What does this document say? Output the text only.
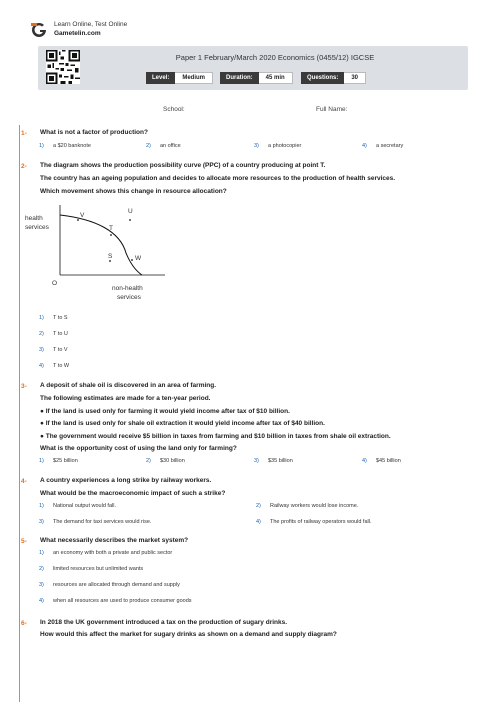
Learn Online, Test Online
Gametelin.com
Paper 1 February/March 2020 Economics (0455/12) IGCSE
Level:	Medium	Duration:	45 min	Questions:	30
School:	Full Name:
1- What is not a factor of production?
1) a $20 banknote	2) an office	3) a photocopier	4) a secretary
2- The diagram shows the production possibility curve (PPC) of a country producing at point T.
The country has an ageing population and decides to allocate more resources to the production of health services.
Which movement shows this change in resource allocation?
health
services
O
non-health
services
V
U
T
S	W
1) T to S
2) T to U
3) T to V
4) T to W
3- A deposit of shale oil is discovered in an area of farming.
The following estimates are made for a ten-year period.
● If the land is used only for farming it would yield income after tax of $10 billion.
● If the land is used only for shale oil extraction it would yield income after tax of $40 billion.
● The government would receive $5 billion in taxes from farming and $10 billion in taxes from shale oil extraction.
What is the opportunity cost of using the land only for farming?
1) $25 billion	2) $30 billion	3) $35 billion	4) $45 billion
4- A country experiences a long strike by railway workers.
What would be the macroeconomic impact of such a strike?
1) National output would fall.	2) Railway workers would lose income.
3) The demand for taxi services would rise.	4) The profits of railway operators would fall.
5- What necessarily describes the market system?
1) an economy with both a private and public sector
2) limited resources but unlimited wants
3) resources are allocated through demand and supply
4) when all resources are used to produce consumer goods
6- In 2018 the UK government introduced a tax on the production of sugary drinks.
How would this affect the market for sugary drinks as shown on a demand and supply diagram?
